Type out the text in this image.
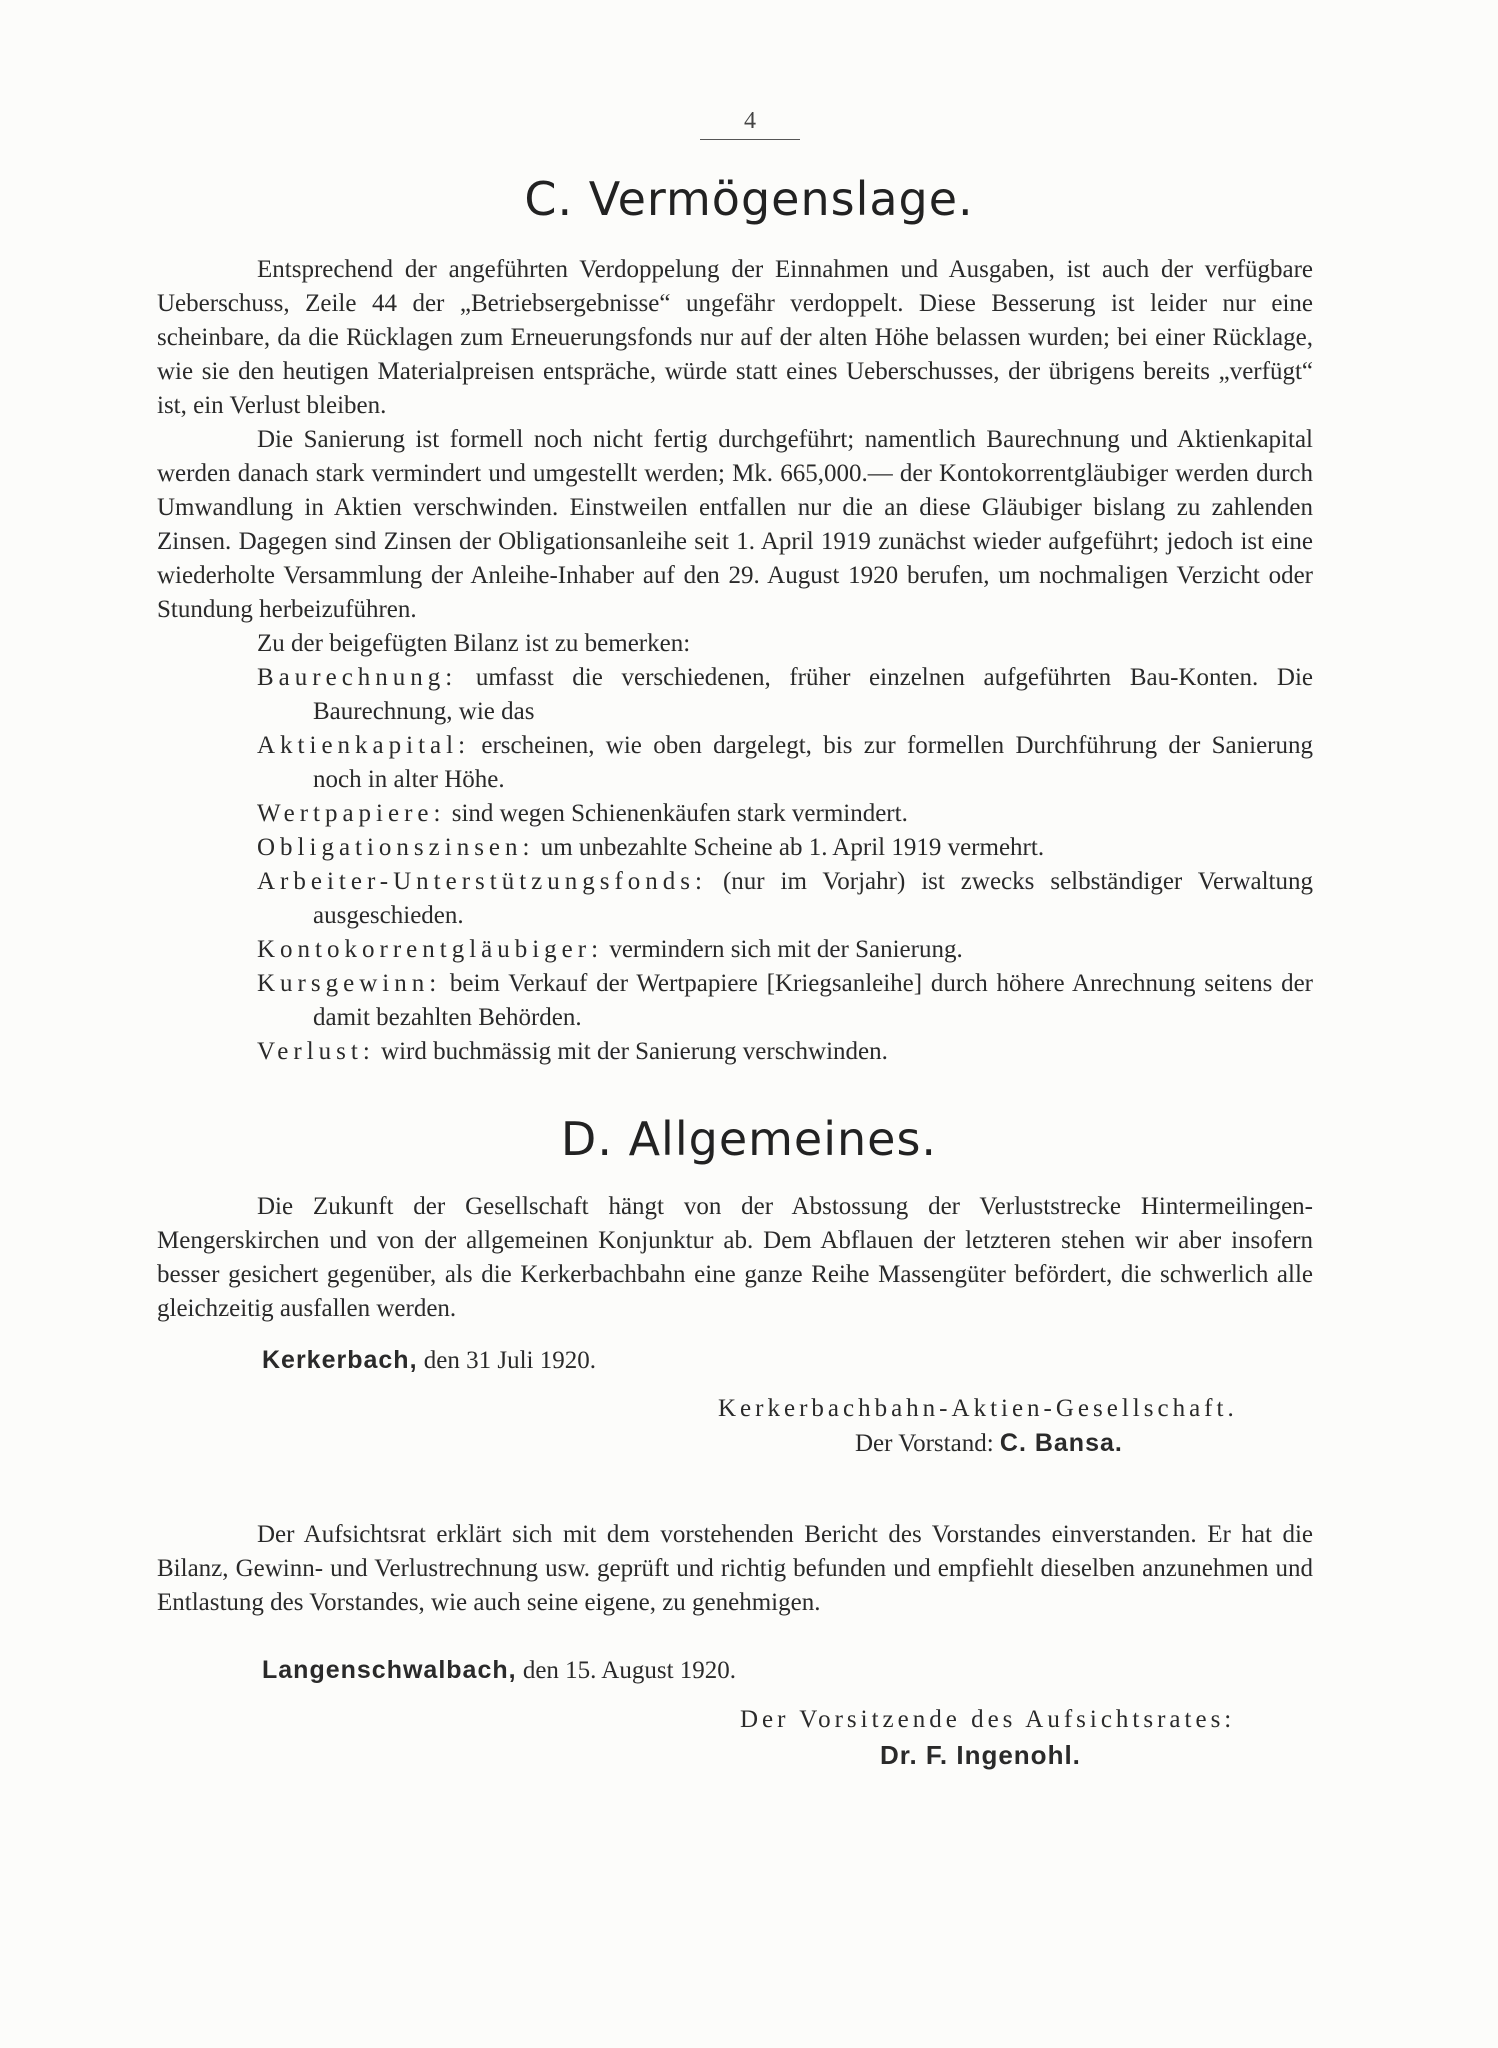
4
C. Vermögenslage.

Entsprechend der angeführten Verdoppelung der Einnahmen und Ausgaben, ist auch der verfügbare Ueberschuss, Zeile 44 der „Betriebsergebnisse“ ungefähr verdoppelt. Diese Besserung ist leider nur eine scheinbare, da die Rücklagen zum Erneuerungsfonds nur auf der alten Höhe belassen wurden; bei einer Rücklage, wie sie den heutigen Materialpreisen entspräche, würde statt eines Ueberschusses, der übrigens bereits „verfügt“ ist, ein Verlust bleiben.

Die Sanierung ist formell noch nicht fertig durchgeführt; namentlich Baurechnung und Aktienkapital werden danach stark vermindert und umgestellt werden; Mk. 665,000.— der Kontokorrentgläubiger werden durch Umwandlung in Aktien verschwinden. Einstweilen entfallen nur die an diese Gläubiger bislang zu zahlenden Zinsen. Dagegen sind Zinsen der Obligationsanleihe seit 1. April 1919 zunächst wieder aufgeführt; jedoch ist eine wiederholte Versammlung der Anleihe-Inhaber auf den 29. August 1920 berufen, um nochmaligen Verzicht oder Stundung herbeizuführen.

Zu der beigefügten Bilanz ist zu bemerken:

Baurechnung: umfasst die verschiedenen, früher einzelnen aufgeführten Bau-Konten. Die Baurechnung, wie das
Aktienkapital: erscheinen, wie oben dargelegt, bis zur formellen Durchführung der Sanierung noch in alter Höhe.
Wertpapiere: sind wegen Schienenkäufen stark vermindert.
Obligationszinsen: um unbezahlte Scheine ab 1. April 1919 vermehrt.
Arbeiter-Unterstützungsfonds: (nur im Vorjahr) ist zwecks selbständiger Verwaltung ausgeschieden.
Kontokorrentgläubiger: vermindern sich mit der Sanierung.
Kursgewinn: beim Verkauf der Wertpapiere [Kriegsanleihe] durch höhere Anrechnung seitens der damit bezahlten Behörden.
Verlust: wird buchmässig mit der Sanierung verschwinden.
D. Allgemeines.

Die Zukunft der Gesellschaft hängt von der Abstossung der Verluststrecke Hintermeilingen-Mengerskirchen und von der allgemeinen Konjunktur ab. Dem Abflauen der letzteren stehen wir aber insofern besser gesichert gegenüber, als die Kerkerbachbahn eine ganze Reihe Massengüter befördert, die schwerlich alle gleichzeitig ausfallen werden.

Kerkerbach, den 31 Juli 1920.
Kerkerbachbahn-Aktien-Gesellschaft.
Der Vorstand: C. Bansa.

Der Aufsichtsrat erklärt sich mit dem vorstehenden Bericht des Vorstandes einverstanden. Er hat die Bilanz, Gewinn- und Verlustrechnung usw. geprüft und richtig befunden und empfiehlt dieselben anzunehmen und Entlastung des Vorstandes, wie auch seine eigene, zu genehmigen.

Langenschwalbach, den 15. August 1920.
Der Vorsitzende des Aufsichtsrates:
Dr. F. Ingenohl.
